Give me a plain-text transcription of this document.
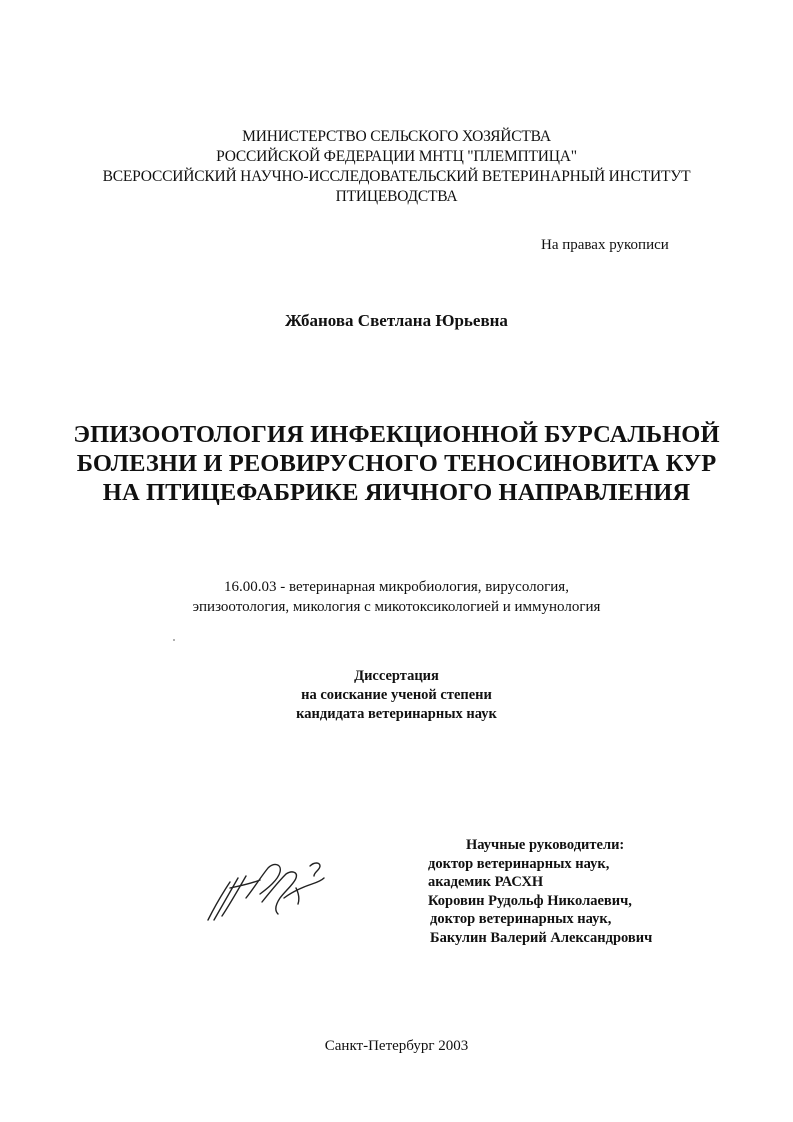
МИНИСТЕРСТВО СЕЛЬСКОГО ХОЗЯЙСТВА
РОССИЙСКОЙ ФЕДЕРАЦИИ МНТЦ "ПЛЕМПТИЦА"
ВСЕРОССИЙСКИЙ НАУЧНО-ИССЛЕДОВАТЕЛЬСКИЙ ВЕТЕРИНАРНЫЙ ИНСТИТУТ
ПТИЦЕВОДСТВА
На правах рукописи
Жбанова Светлана Юрьевна
ЭПИЗООТОЛОГИЯ ИНФЕКЦИОННОЙ БУРСАЛЬНОЙ
БОЛЕЗНИ И РЕОВИРУСНОГО ТЕНОСИНОВИТА КУР
НА ПТИЦЕФАБРИКЕ ЯИЧНОГО НАПРАВЛЕНИЯ
16.00.03 - ветеринарная микробиология, вирусология,
эпизоотология, микология с микотоксикологией и иммунология
Диссертация
на соискание ученой степени
кандидата ветеринарных наук
Научные руководители:
доктор ветеринарных наук,
академик РАСХН
Коровин Рудольф Николаевич,
доктор ветеринарных наук,
Бакулин Валерий Александрович
Санкт-Петербург 2003
